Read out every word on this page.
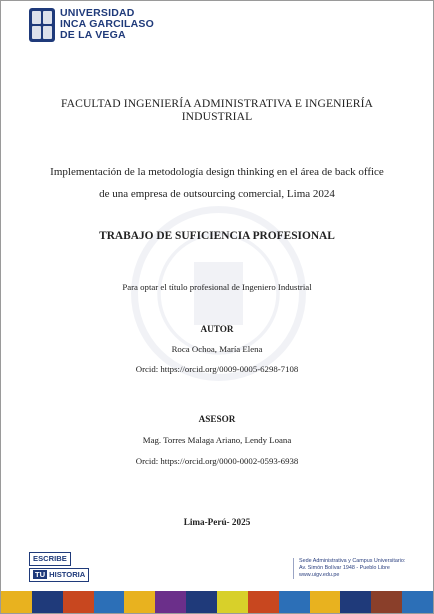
UNIVERSIDAD
INCA GARCILASO
DE LA VEGA
FACULTAD INGENIERÍA ADMINISTRATIVA E INGENIERÍA
INDUSTRIAL
Implementación de la metodología design thinking en el área de back office
de una empresa de outsourcing comercial, Lima 2024
TRABAJO DE SUFICIENCIA PROFESIONAL
Para optar el título profesional de Ingeniero Industrial
AUTOR
Roca Ochoa, María Elena
Orcid: https://orcid.org/0009-0005-6298-7108
ASESOR
Mag. Torres Malaga Ariano, Lendy Loana
Orcid: https://orcid.org/0000-0002-0593-6938
Lima-Perú- 2025
ESCRIBE
TU HISTORIA
Sede Administrativa y Campus Universitario:
Av. Simón Bolívar 1948 - Pueblo Libre
www.uigv.edu.pe
